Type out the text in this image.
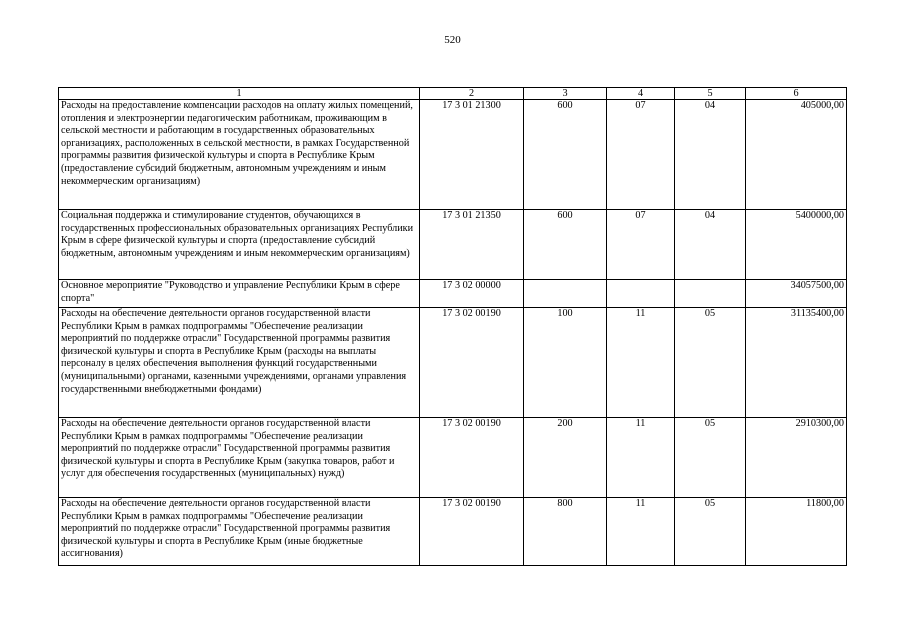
520
1	2	3	4	5	6
Расходы на предоставление компенсации расходов на оплату жилых помещений, отопления и электроэнергии педагогическим работникам, проживающим в сельской местности и работающим в государственных образовательных организациях, расположенных в сельской местности, в рамках Государственной программы развития физической культуры и спорта в Республике Крым (предоставление субсидий бюджетным, автономным учреждениям и иным некоммерческим организациям)	17 3 01 21300	600	07	04	405000,00
Социальная поддержка и стимулирование студентов, обучающихся в государственных профессиональных образовательных организациях Республики Крым в сфере физической культуры и спорта (предоставление субсидий бюджетным, автономным учреждениям и иным некоммерческим организациям)	17 3 01 21350	600	07	04	5400000,00
Основное мероприятие "Руководство и управление Республики Крым в сфере спорта"	17 3 02 00000				34057500,00
Расходы на обеспечение деятельности органов государственной власти Республики Крым в рамках подпрограммы "Обеспечение реализации мероприятий по поддержке отрасли" Государственной программы развития физической культуры и спорта в Республике Крым (расходы на выплаты персоналу в целях обеспечения выполнения функций государственными (муниципальными) органами, казенными учреждениями, органами управления государственными внебюджетными фондами)	17 3 02 00190	100	11	05	31135400,00
Расходы на обеспечение деятельности органов государственной власти Республики Крым в рамках подпрограммы "Обеспечение реализации мероприятий по поддержке отрасли" Государственной программы развития физической культуры и спорта в Республике Крым (закупка товаров, работ и услуг для обеспечения государственных (муниципальных) нужд)	17 3 02 00190	200	11	05	2910300,00
Расходы на обеспечение деятельности органов государственной власти Республики Крым в рамках подпрограммы "Обеспечение реализации мероприятий по поддержке отрасли" Государственной программы развития физической культуры и спорта в Республике Крым (иные бюджетные ассигнования)	17 3 02 00190	800	11	05	11800,00
